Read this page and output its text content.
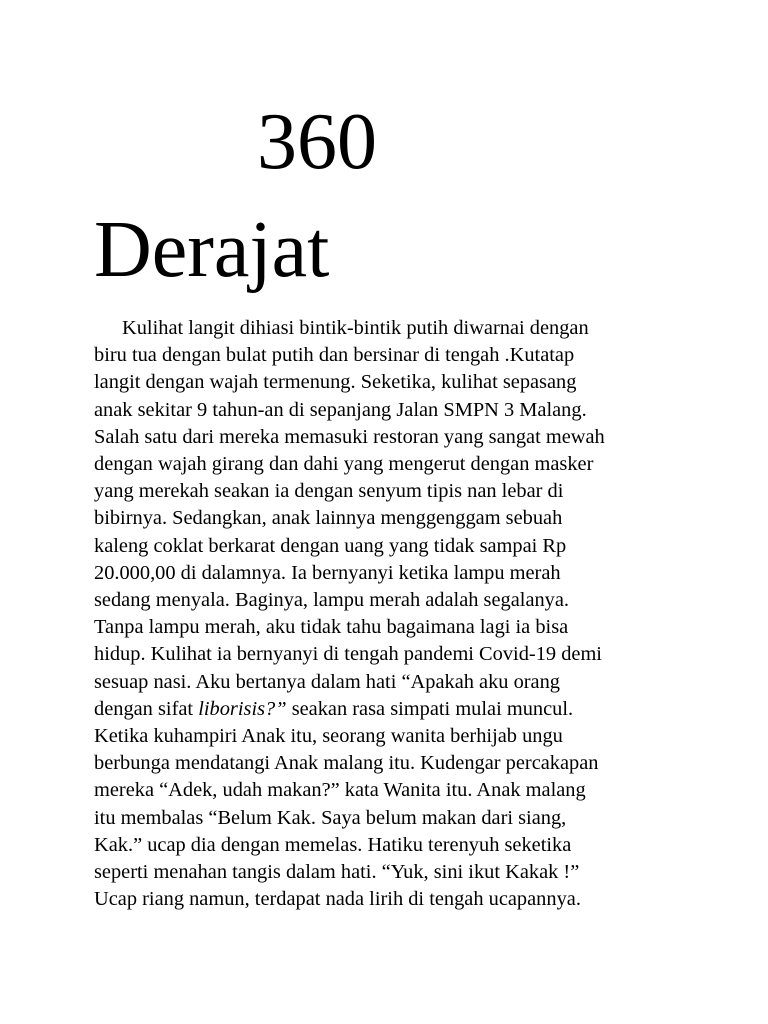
360
Derajat
Kulihat langit dihiasi bintik-bintik putih diwarnai dengan
biru tua dengan bulat putih dan bersinar di tengah .Kutatap
langit dengan wajah termenung. Seketika, kulihat sepasang
anak sekitar 9 tahun-an di sepanjang Jalan SMPN 3 Malang.
Salah satu dari mereka memasuki restoran yang sangat mewah
dengan wajah girang dan dahi yang mengerut dengan masker
yang merekah seakan ia dengan senyum tipis nan lebar di
bibirnya. Sedangkan, anak lainnya menggenggam sebuah
kaleng coklat berkarat dengan uang yang tidak sampai Rp
20.000,00 di dalamnya. Ia bernyanyi ketika lampu merah
sedang menyala. Baginya, lampu merah adalah segalanya.
Tanpa lampu merah, aku tidak tahu bagaimana lagi ia bisa
hidup. Kulihat ia bernyanyi di tengah pandemi Covid-19 demi
sesuap nasi. Aku bertanya dalam hati “Apakah aku orang
dengan sifat liborisis?” seakan rasa simpati mulai muncul.
Ketika kuhampiri Anak itu, seorang wanita berhijab ungu
berbunga mendatangi Anak malang itu. Kudengar percakapan
mereka “Adek, udah makan?” kata Wanita itu. Anak malang
itu membalas “Belum Kak. Saya belum makan dari siang,
Kak.” ucap dia dengan memelas. Hatiku terenyuh seketika
seperti menahan tangis dalam hati. “Yuk, sini ikut Kakak !”
Ucap riang namun, terdapat nada lirih di tengah ucapannya.
